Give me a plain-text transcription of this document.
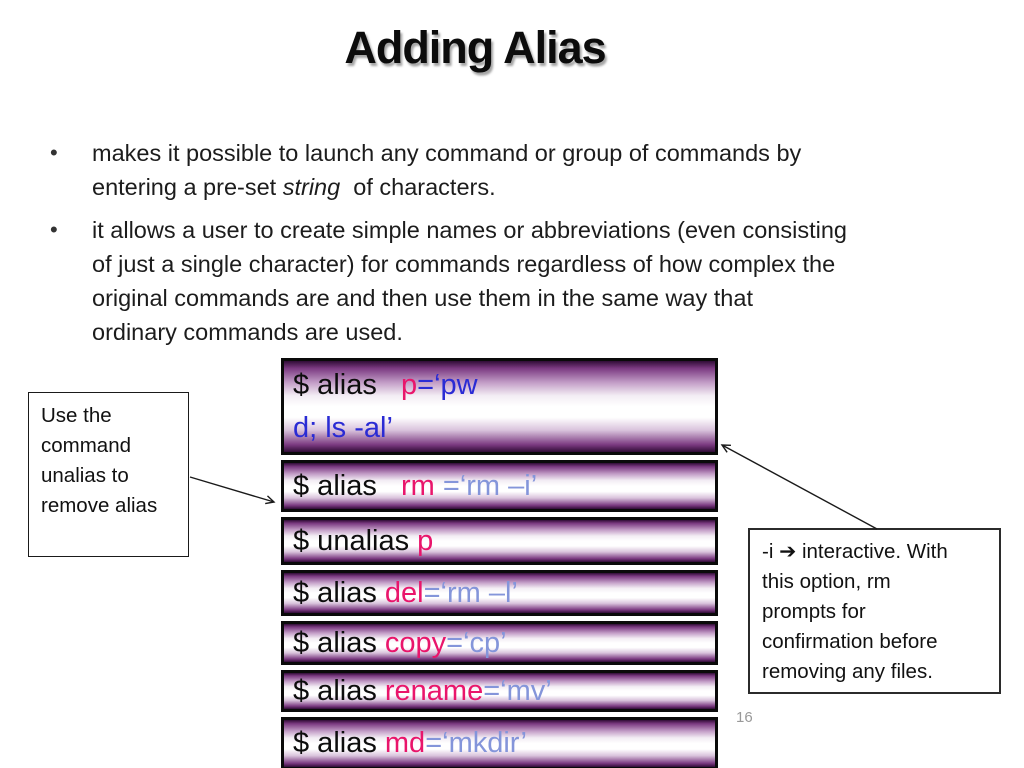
Adding Alias
•	makes it possible to launch any command or group of commands by
entering a pre-set string  of characters.
•	it allows a user to create simple names or abbreviations (even consisting
of just a single character) for commands regardless of how complex the
original commands are and then use them in the same way that
ordinary commands are used.
$ alias   p=‘pw
d; ls -al’
$ alias   rm =‘rm –i’
$ unalias p
$ alias del=‘rm –l’
$ alias copy=‘cp’
$ alias rename=‘mv’
$ alias md=‘mkdir’
Use the
command
unalias to
remove alias
-i ➔ interactive. With
this option, rm
prompts for
confirmation before
removing any files.
16
